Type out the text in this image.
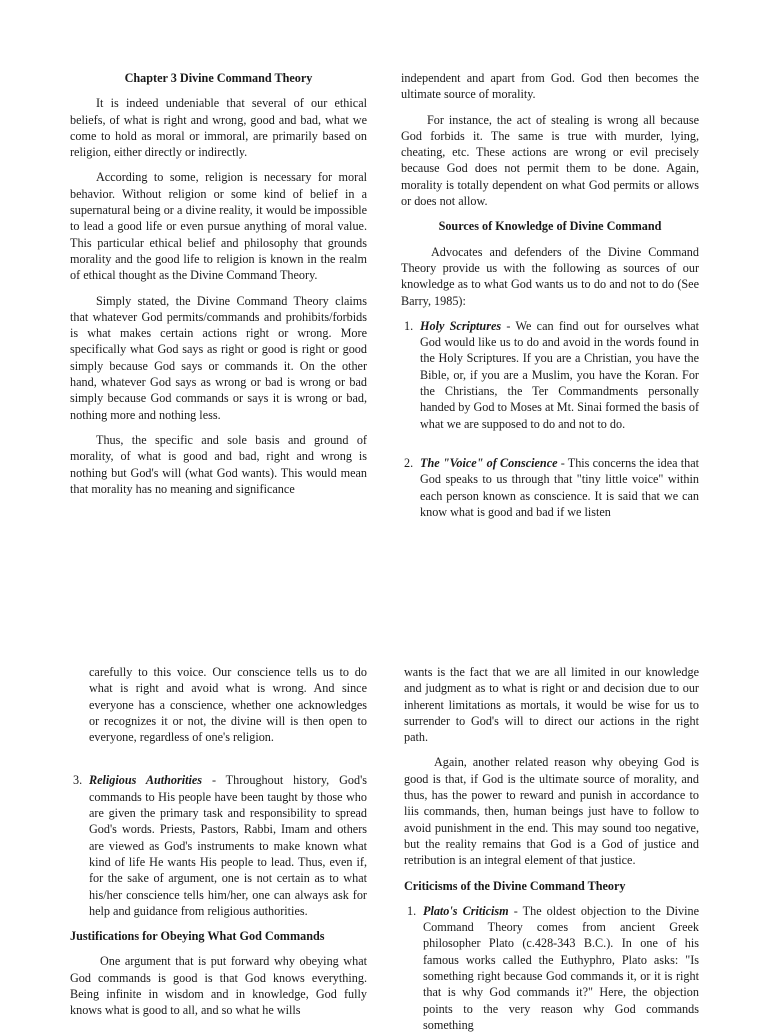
Chapter 3 Divine Command Theory

It is indeed undeniable that several of our ethical beliefs, of what is right and wrong, good and bad, what we come to hold as moral or immoral, are primarily based on religion, either directly or indirectly.

According to some, religion is necessary for moral behavior. Without religion or some kind of belief in a supernatural being or a divine reality, it would be impossible to lead a good life or even pursue anything of moral value. This particular ethical belief and philosophy that grounds morality and the good life to religion is known in the realm of ethical thought as the Divine Command Theory.

Simply stated, the Divine Command Theory claims that whatever God permits/commands and prohibits/forbids is what makes certain actions right or wrong. More specifically what God says as right or good is right or good simply because God says or commands it. On the other hand, whatever God says as wrong or bad is wrong or bad simply because God commands or says it is wrong or bad, nothing more and nothing less.

Thus, the specific and sole basis and ground of morality, of what is good and bad, right and wrong is nothing but God's will (what God wants). This would mean that morality has no meaning and significance

independent and apart from God. God then becomes the ultimate source of morality.

For instance, the act of stealing is wrong all because God forbids it. The same is true with murder, lying, cheating, etc. These actions are wrong or evil precisely because God does not permit them to be done. Again, morality is totally dependent on what God permits or allows or does not allow.

Sources of Knowledge of Divine Command

Advocates and defenders of the Divine Command Theory provide us with the following as sources of our knowledge as to what God wants us to do and not to do (See Barry, 1985):

1. Holy Scriptures - We can find out for ourselves what God would like us to do and avoid in the words found in the Holy Scriptures. If you are a Christian, you have the Bible, or, if you are a Muslim, you have the Koran. For the Christians, the Ter Commandments personally handed by God to Moses at Mt. Sinai formed the basis of what we are supposed to do and not to do.
2. The "Voice" of Conscience - This concerns the idea that God speaks to us through that "tiny little voice" within each person known as conscience. It is said that we can know what is good and bad if we listen

carefully to this voice. Our conscience tells us to do what is right and avoid what is wrong. And since everyone has a conscience, whether one acknowledges or recognizes it or not, the divine will is then open to everyone, regardless of one's religion.

3. Religious Authorities - Throughout history, God's commands to His people have been taught by those who are given the primary task and responsibility to spread God's words. Priests, Pastors, Rabbi, Imam and others are viewed as God's instruments to make known what kind of life He wants His people to lead. Thus, even if, for the sake of argument, one is not certain as to what his/her conscience tells him/her, one can always ask for help and guidance from religious authorities.

Justifications for Obeying What God Commands

One argument that is put forward why obeying what God commands is good is that God knows everything. Being infinite in wisdom and in knowledge, God fully knows what is good to all, and so what he wills

wants is the fact that we are all limited in our knowledge and judgment as to what is right or and decision due to our inherent limitations as mortals, it would be wise for us to surrender to God's will to direct our actions in the right path.

Again, another related reason why obeying God is good is that, if God is the ultimate source of morality, and thus, has the power to reward and punish in accordance to liis commands, then, human beings just have to follow to avoid punishment in the end. This may sound too negative, but the reality remains that God is a God of justice and retribution is an integral element of that justice.

Criticisms of the Divine Command Theory

1. Plato's Criticism - The oldest objection to the Divine Command Theory comes from ancient Greek philosopher Plato (c.428-343 B.C.). In one of his famous works called the Euthyphro, Plato asks: "Is something right because God commands it, or it is right that is why God commands it?" Here, the objection points to the very reason why God commands something
